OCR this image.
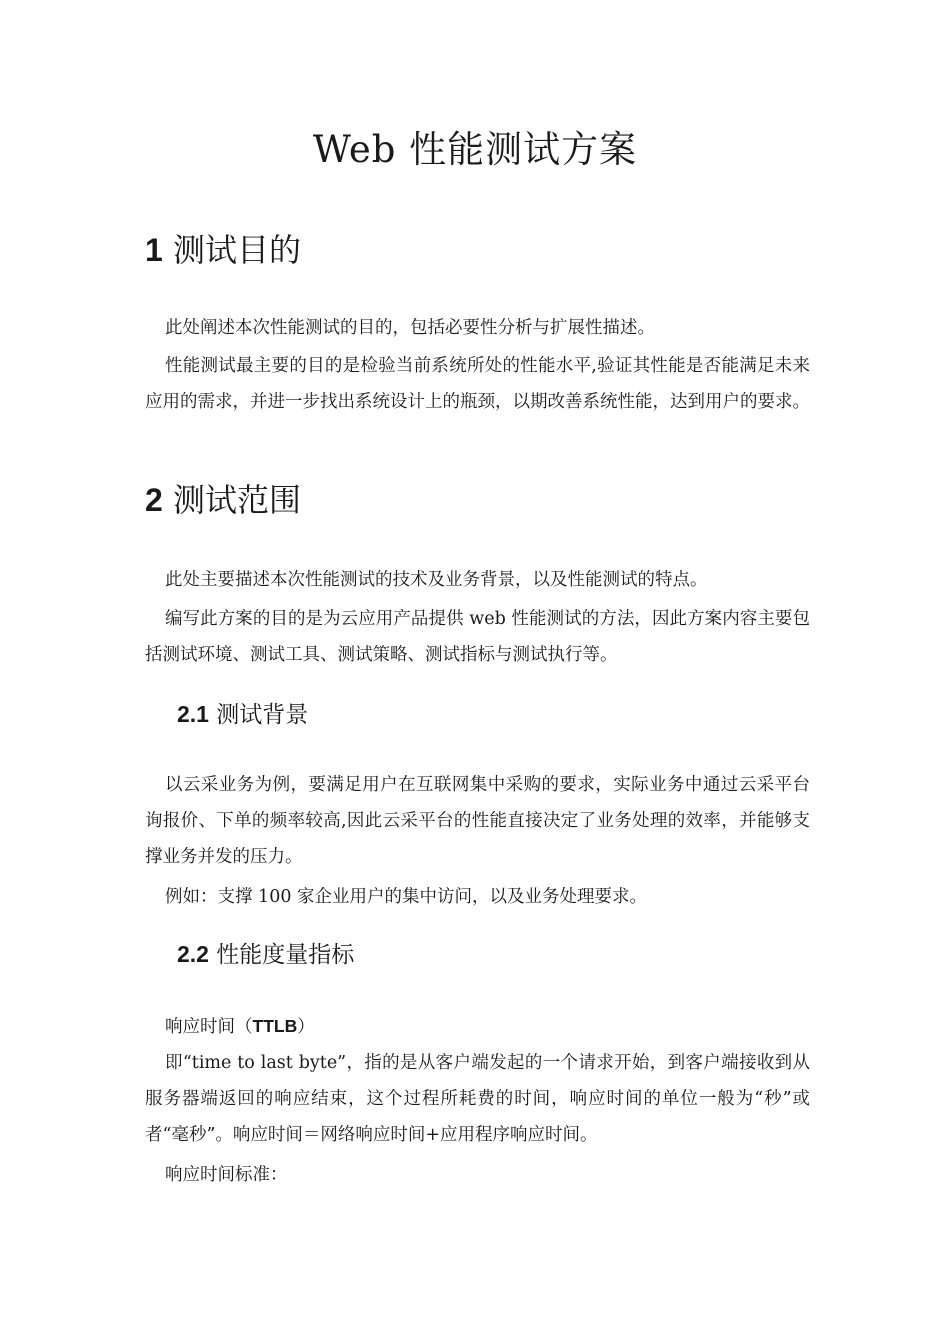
Web 性能测试方案
1 测试目的

此处阐述本次性能测试的目的，包括必要性分析与扩展性描述。

性能测试最主要的目的是检验当前系统所处的性能水平,验证其性能是否能满足未来应用的需求，并进一步找出系统设计上的瓶颈，以期改善系统性能，达到用户的要求。

2 测试范围

此处主要描述本次性能测试的技术及业务背景，以及性能测试的特点。

编写此方案的目的是为云应用产品提供 web 性能测试的方法，因此方案内容主要包括测试环境、测试工具、测试策略、测试指标与测试执行等。

2.1 测试背景

以云采业务为例，要满足用户在互联网集中采购的要求，实际业务中通过云采平台询报价、下单的频率较高,因此云采平台的性能直接决定了业务处理的效率，并能够支撑业务并发的压力。

例如：支撑 100 家企业用户的集中访问，以及业务处理要求。

2.2 性能度量指标

响应时间（TTLB）

即“time to last byte”，指的是从客户端发起的一个请求开始，到客户端接收到从服务器端返回的响应结束，这个过程所耗费的时间，响应时间的单位一般为“秒”或者“毫秒”。响应时间＝网络响应时间+应用程序响应时间。

响应时间标准：
